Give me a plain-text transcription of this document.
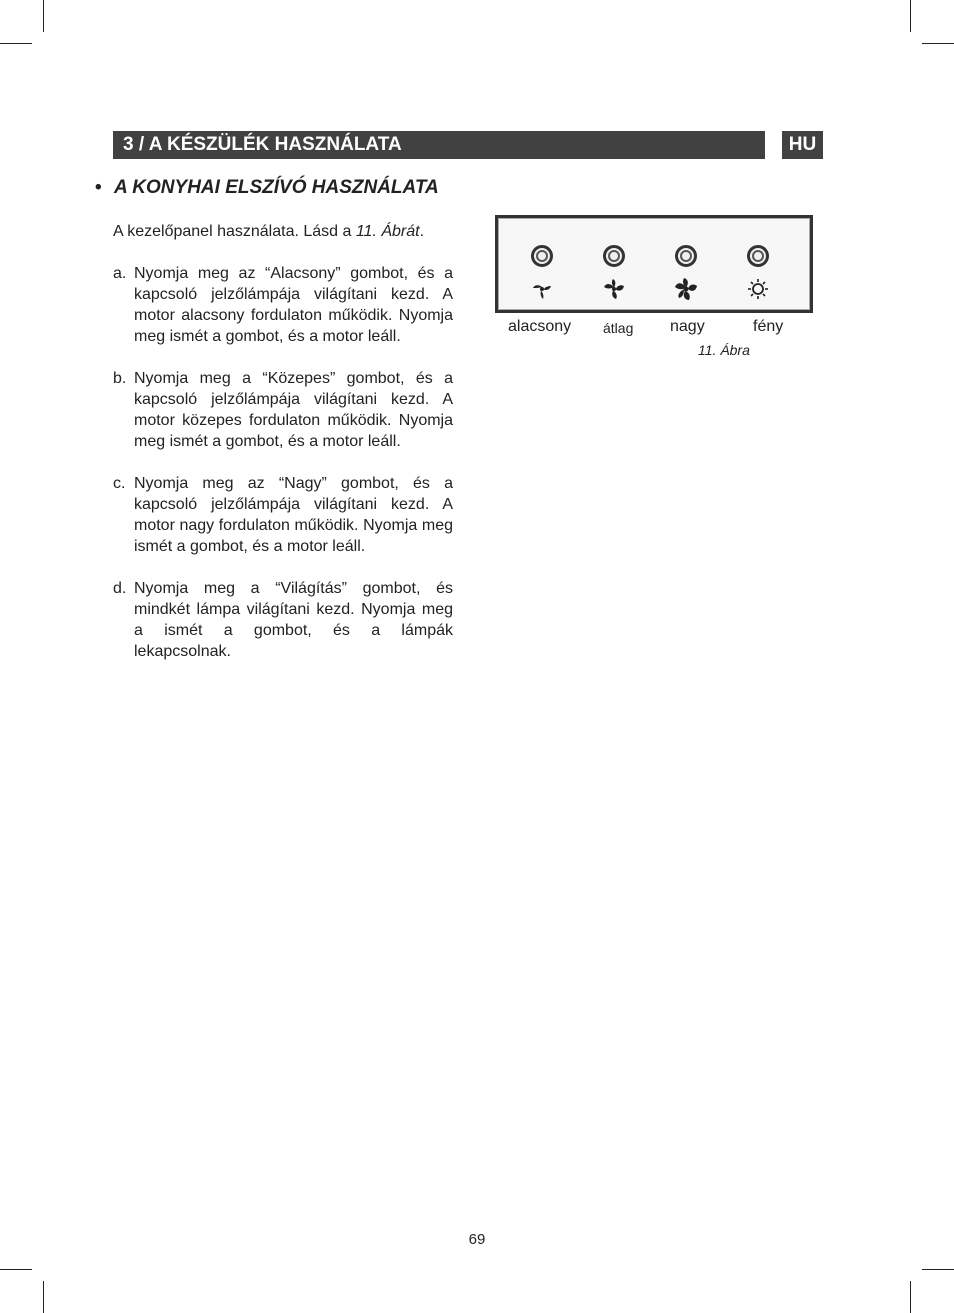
3 / A KÉSZÜLÉK HASZNÁLATA	HU
• A KONYHAI ELSZÍVÓ HASZNÁLATA
A kezelőpanel használata. Lásd a 11. Ábrát.
a. Nyomja meg az “Alacsony” gombot, és a kapcsoló jelzőlámpája világítani kezd. A motor alacsony fordulaton működik. Nyomja meg ismét a gombot, és a motor leáll.
b. Nyomja meg a “Közepes” gombot, és a kapcsoló jelzőlámpája világítani kezd. A motor közepes fordulaton működik. Nyomja meg ismét a gombot, és a motor leáll.
c. Nyomja meg az “Nagy” gombot, és a kapcsoló jelzőlámpája világítani kezd. A motor nagy fordulaton működik. Nyomja meg ismét a gombot, és a motor leáll.
d. Nyomja meg a “Világítás” gombot, és mindkét lámpa világítani kezd. Nyomja meg a ismét a gombot, és a lámpák lekapcsolnak.
alacsony átlag nagy	fény
11. Ábra
69
